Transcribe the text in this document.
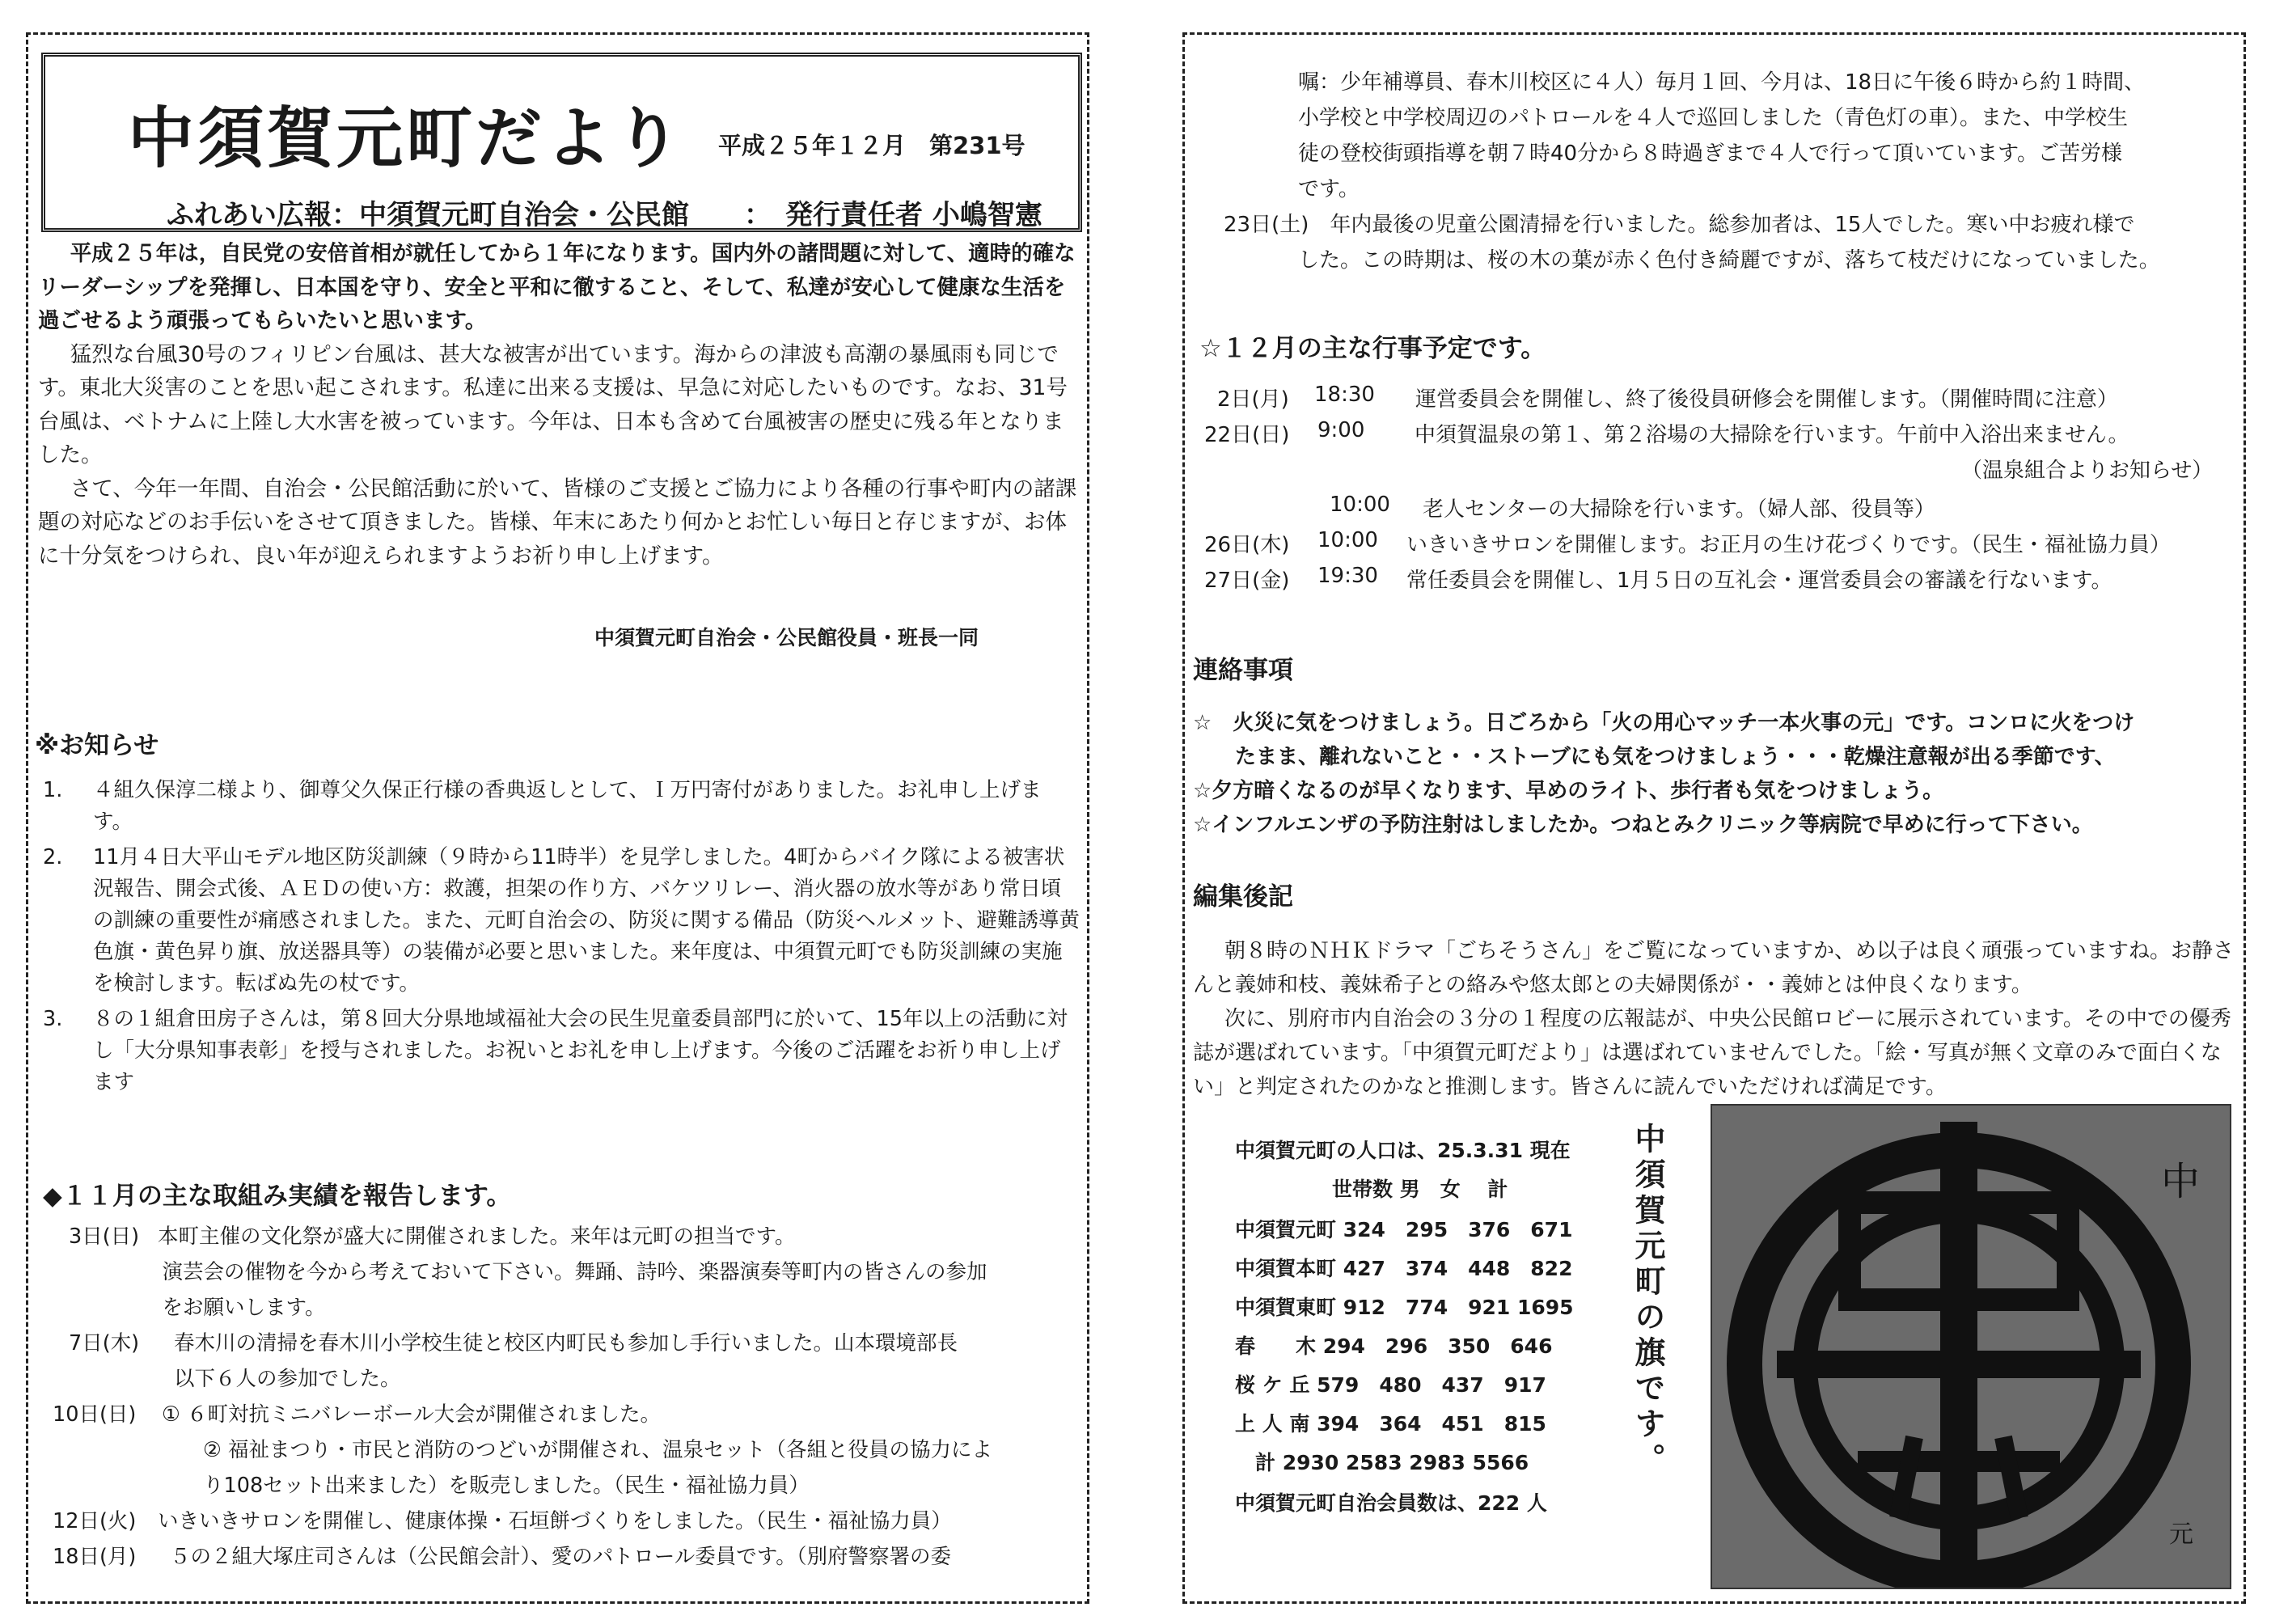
中須賀元町だより 平成２５年１２月　第231号
ふれあい広報：中須賀元町自治会・公民館　　：　発行責任者 小嶋智憲

平成２５年は，自民党の安倍首相が就任してから１年になります。国内外の諸問題に対して、適時的確なリーダーシップを発揮し、日本国を守り、安全と平和に徹すること、そして、私達が安心して健康な生活を過ごせるよう頑張ってもらいたいと思います。

猛烈な台風30号のフィリピン台風は、甚大な被害が出ています。海からの津波も高潮の暴風雨も同じです。東北大災害のことを思い起こされます。私達に出来る支援は、早急に対応したいものです。なお、31号台風は、ベトナムに上陸し大水害を被っています。今年は、日本も含めて台風被害の歴史に残る年となりました。

さて、今年一年間、自治会・公民館活動に於いて、皆様のご支援とご協力により各種の行事や町内の諸課題の対応などのお手伝いをさせて頂きました。皆様、年末にあたり何かとお忙しい毎日と存じますが、お体に十分気をつけられ、良い年が迎えられますようお祈り申し上げます。

中須賀元町自治会・公民館役員・班長一同
※お知らせ
1. ４組久保淳二様より、御尊父久保正行様の香典返しとして、Ｉ万円寄付がありました。お礼申し上げます。
2. 11月４日大平山モデル地区防災訓練（９時から11時半）を見学しました。4町からバイク隊による被害状況報告、開会式後、ＡＥＤの使い方：救護，担架の作り方、バケツリレー、消火器の放水等があり常日頃の訓練の重要性が痛感されました。また、元町自治会の、防災に関する備品（防災ヘルメット、避難誘導黄色旗・黄色昇り旗、放送器具等）の装備が必要と思いました。来年度は、中須賀元町でも防災訓練の実施を検討します。転ばぬ先の杖です。
3. ８の１組倉田房子さんは，第８回大分県地域福祉大会の民生児童委員部門に於いて、15年以上の活動に対し「大分県知事表彰」を授与されました。お祝いとお礼を申し上げます。今後のご活躍をお祈り申し上げます
◆１１月の主な取組み実績を報告します。
3日(日) 本町主催の文化祭が盛大に開催されました。来年は元町の担当です。
　演芸会の催物を今から考えておいて下さい。舞踊、詩吟、楽器演奏等町内の皆さんの参加
　をお願いします。
7日(木) 春木川の清掃を春木川小学校生徒と校区内町民も参加し手行いました。山本環境部長
以下６人の参加でした。
10日(日) ① ６町対抗ミニバレーボール大会が開催されました。
　　② 福祉まつり・市民と消防のつどいが開催され、温泉セット（各組と役員の協力によ
　　り108セット出来ました）を販売しました。（民生・福祉協力員）
12日(火) いきいきサロンを開催し、健康体操・石垣餅づくりをしました。（民生・福祉協力員）
18日(月) ５の２組大塚庄司さんは（公民館会計）、愛のパトロール委員です。（別府警察署の委
嘱：少年補導員、春木川校区に４人）毎月１回、今月は、18日に午後６時から約１時間、
小学校と中学校周辺のパトロールを４人で巡回しました（青色灯の車）。また、中学校生
徒の登校街頭指導を朝７時40分から８時過ぎまで４人で行って頂いています。ご苦労様
です。
23日(土)　年内最後の児童公園清掃を行いました。総参加者は、15人でした。寒い中お疲れ様で
した。この時期は、桜の木の葉が赤く色付き綺麗ですが、落ちて枝だけになっていました。
☆１２月の主な行事予定です。
2日(月) 18:30 運営委員会を開催し、終了後役員研修会を開催します。（開催時間に注意）
22日(日) 9:00 中須賀温泉の第１、第２浴場の大掃除を行います。午前中入浴出来ません。
（温泉組合よりお知らせ）
10:00 老人センターの大掃除を行います。（婦人部、役員等）
26日(木) 10:00 いきいきサロンを開催します。お正月の生け花づくりです。（民生・福祉協力員）
27日(金) 19:30 常任委員会を開催し、1月５日の互礼会・運営委員会の審議を行ないます。
連絡事項
☆　火災に気をつけましょう。日ごろから「火の用心マッチ一本火事の元」です。コンロに火をつけ
　　たまま、離れないこと・・ストーブにも気をつけましょう・・・乾燥注意報が出る季節です、
☆夕方暗くなるのが早くなります、早めのライト、歩行者も気をつけましょう。
☆インフルエンザの予防注射はしましたか。つねとみクリニック等病院で早めに行って下さい。
編集後記

朝８時のＮＨＫドラマ「ごちそうさん」をご覧になっていますか、め以子は良く頑張っていますね。お静さんと義姉和枝、義妹希子との絡みや悠太郎との夫婦関係が・・義姉とは仲良くなります。

次に、別府市内自治会の３分の１程度の広報誌が、中央公民館ロビーに展示されています。その中での優秀誌が選ばれています。「中須賀元町だより」は選ばれていませんでした。「絵・写真が無く文章のみで面白くない」と判定されたのかなと推測します。皆さんに読んでいただければ満足です。

中須賀元町の人口は、25.3.31 現在
世帯数 男　女　 計
中須賀元町 324　295　376　671
中須賀本町 427　374　448　822
中須賀東町 912　774　921 1695
春　　木 294　296　350　646
桜 ケ 丘 579　480　437　917
上 人 南 394　364　451　815
　計 2930 2583 2983 5566
中須賀元町自治会員数は、222 人
中須賀元町の旗です。	中
元
